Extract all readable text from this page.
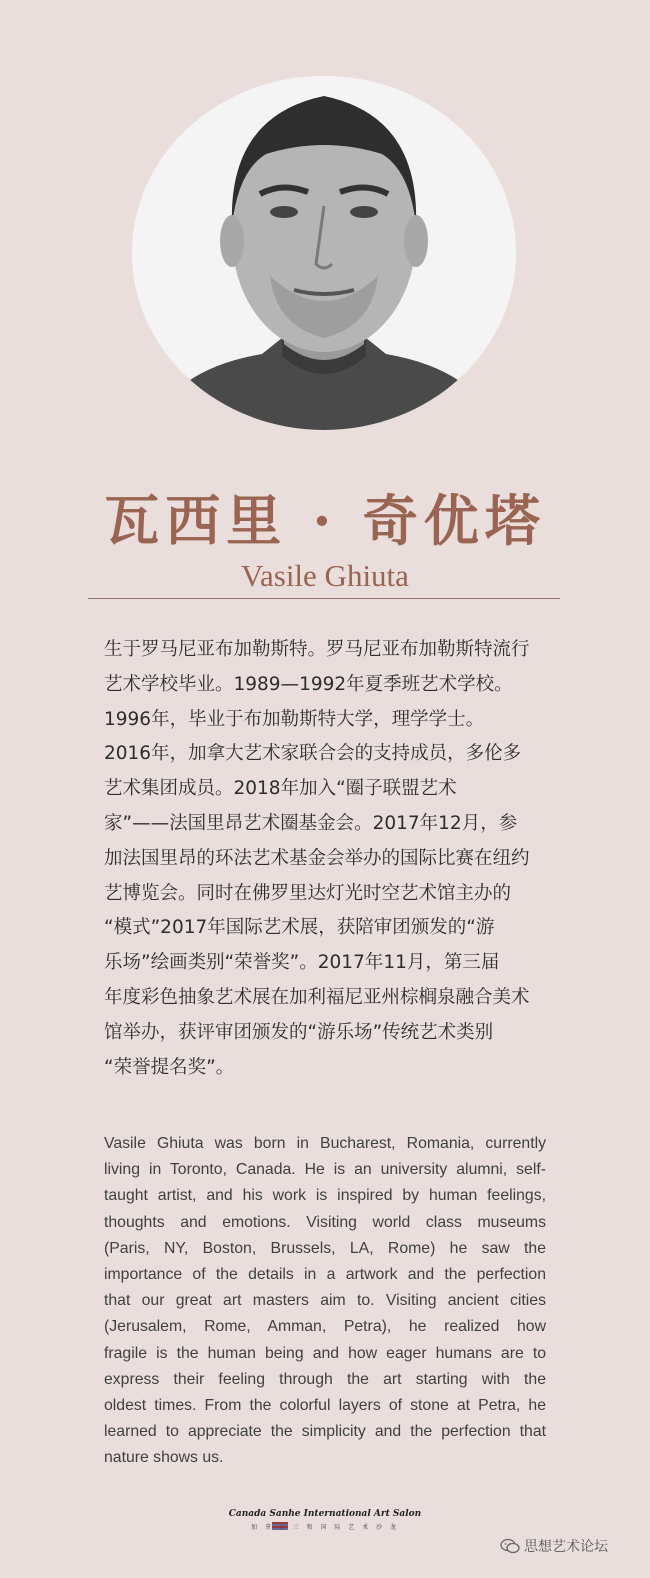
瓦西里 · 奇优塔
Vasile Ghiuta
生于罗马尼亚布加勒斯特。罗马尼亚布加勒斯特流行
艺术学校毕业。1989—1992年夏季班艺术学校。
1996年，毕业于布加勒斯特大学，理学学士。
2016年，加拿大艺术家联合会的支持成员，多伦多
艺术集团成员。2018年加入“圈子联盟艺术
家”——法国里昂艺术圈基金会。2017年12月，参
加法国里昂的环法艺术基金会举办的国际比赛在纽约
艺博览会。同时在佛罗里达灯光时空艺术馆主办的
“模式”2017年国际艺术展，获陪审团颁发的“游
乐场”绘画类别“荣誉奖”。2017年11月，第三届
年度彩色抽象艺术展在加利福尼亚州棕榈泉融合美术
馆举办，获评审团颁发的“游乐场”传统艺术类别
“荣誉提名奖”。
Vasile Ghiuta was born in Bucharest, Romania, currently
living in Toronto, Canada. He is an university alumni, self-
taught artist, and his work is inspired by human feelings,
thoughts and emotions. Visiting world class museums
(Paris, NY, Boston, Brussels, LA, Rome) he saw the
importance of the details in a artwork and the perfection
that our great art masters aim to. Visiting ancient cities
(Jerusalem, Rome, Amman, Petra), he realized how
fragile is the human being and how eager humans are to
express their feeling through the art starting with the
oldest times. From the colorful layers of stone at Petra, he
learned to appreciate the simplicity and the perfection that
nature shows us.
Canada Sanhe International Art Salon
加 拿 大 三 和 国 际 艺 术 沙 龙
思想艺术论坛
